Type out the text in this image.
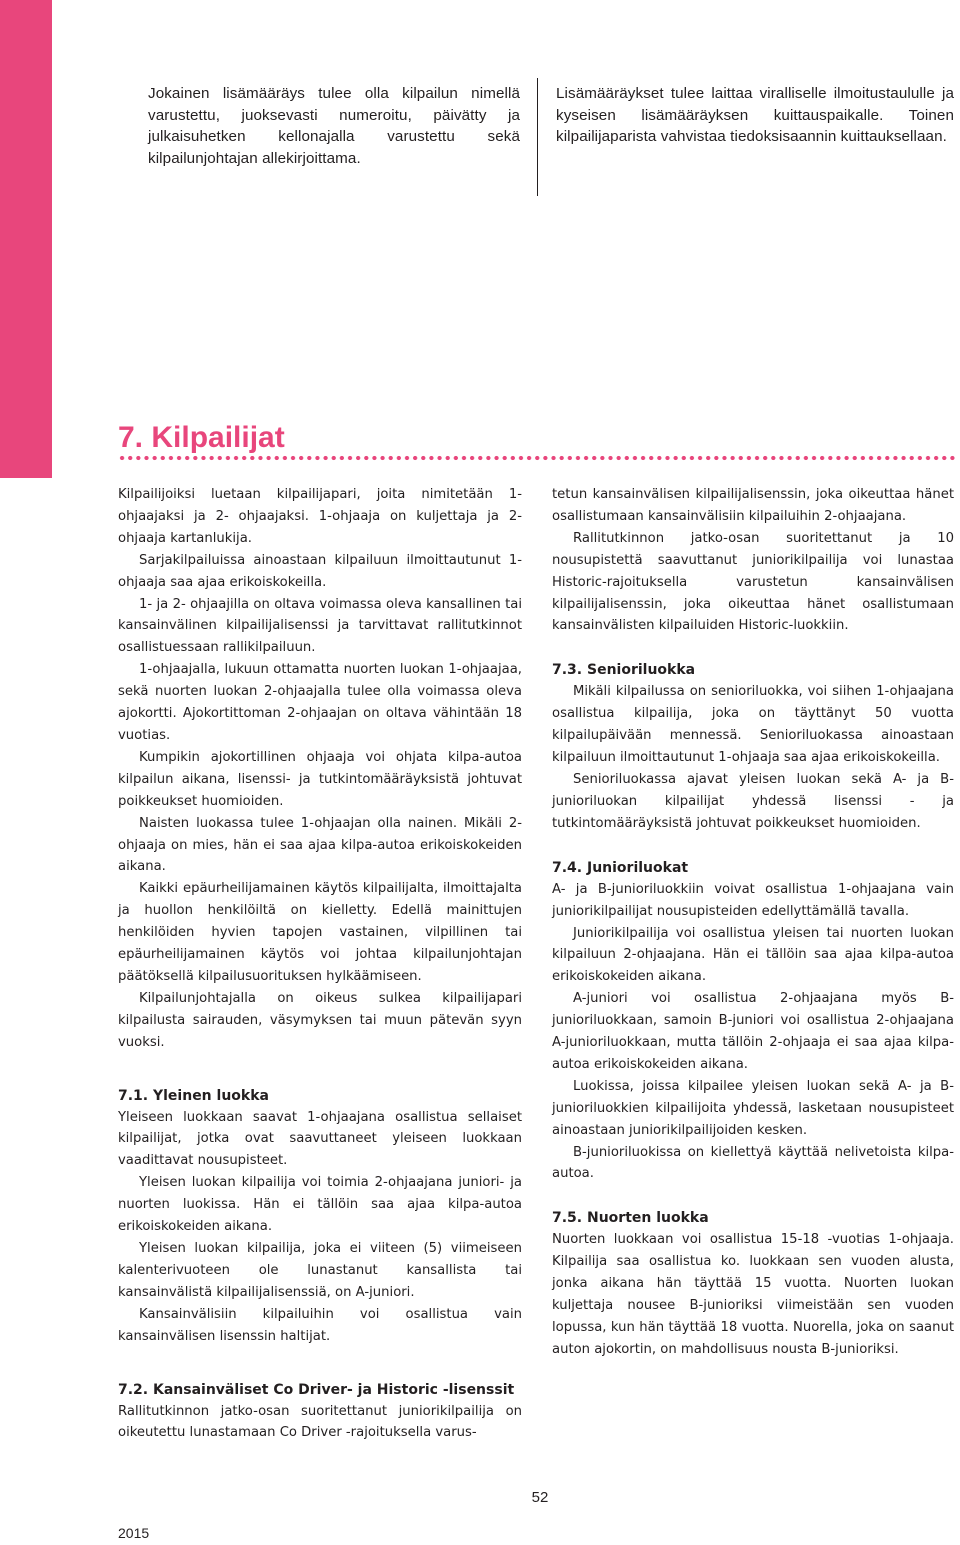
Jokainen lisämääräys tulee olla kilpailun nimellä varustettu, juoksevasti numeroitu, päivätty ja julkaisuhetken kellonajalla varustettu sekä kilpailunjohtajan allekirjoittama.
Lisämääräykset tulee laittaa viralliselle ilmoitustaululle ja kyseisen lisämääräyksen kuittauspaikalle. Toinen kilpailijaparista vahvistaa tiedoksisaannin kuittauksellaan.
7. Kilpailijat

Kilpailijoiksi luetaan kilpailijapari, joita nimitetään 1-ohjaajaksi ja 2- ohjaajaksi. 1-ohjaaja on kuljettaja ja 2-ohjaaja kartanlukija.

Sarjakilpailuissa ainoastaan kilpailuun ilmoittautunut 1-ohjaaja saa ajaa erikoiskokeilla.

1- ja 2- ohjaajilla on oltava voimassa oleva kansallinen tai kansainvälinen kilpailijalisenssi ja tarvittavat rallitutkinnot osallistuessaan rallikilpailuun.

1-ohjaajalla, lukuun ottamatta nuorten luokan 1-ohjaajaa, sekä nuorten luokan 2-ohjaajalla tulee olla voimassa oleva ajokortti. Ajokortittoman 2-ohjaajan on oltava vähintään 18 vuotias.

Kumpikin ajokortillinen ohjaaja voi ohjata kilpa-autoa kilpailun aikana, lisenssi- ja tutkintomääräyksistä johtuvat poikkeukset huomioiden.

Naisten luokassa tulee 1-ohjaajan olla nainen. Mikäli 2-ohjaaja on mies, hän ei saa ajaa kilpa-autoa erikoiskokeiden aikana.

Kaikki epäurheilijamainen käytös kilpailijalta, ilmoittajalta ja huollon henkilöiltä on kielletty. Edellä mainittujen henkilöiden hyvien tapojen vastainen, vilpillinen tai epäurheilijamainen käytös voi johtaa kilpailunjohtajan päätöksellä kilpailusuorituksen hylkäämiseen.

Kilpailunjohtajalla on oikeus sulkea kilpailijapari kilpailusta sairauden, väsymyksen tai muun pätevän syyn vuoksi.

7.1. Yleinen luokka

Yleiseen luokkaan saavat 1-ohjaajana osallistua sellaiset kilpailijat, jotka ovat saavuttaneet yleiseen luokkaan vaadittavat nousupisteet.

Yleisen luokan kilpailija voi toimia 2-ohjaajana juniori- ja nuorten luokissa. Hän ei tällöin saa ajaa kilpa-autoa erikoiskokeiden aikana.

Yleisen luokan kilpailija, joka ei viiteen (5) viimeiseen kalenterivuoteen ole lunastanut kansallista tai kansainvälistä kilpailijalisenssiä, on A-juniori.

Kansainvälisiin kilpailuihin voi osallistua vain kansainvälisen lisenssin haltijat.

7.2. Kansainväliset Co Driver- ja Historic -lisenssit

Rallitutkinnon jatko-osan suoritettanut juniorikilpailija on oikeutettu lunastamaan Co Driver -rajoituksella varus-

tetun kansainvälisen kilpailijalisenssin, joka oikeuttaa hänet osallistumaan kansainvälisiin kilpailuihin 2-ohjaajana.

Rallitutkinnon jatko-osan suoritettanut ja 10 nousupistettä saavuttanut juniorikilpailija voi lunastaa Historic-rajoituksella varustetun kansainvälisen kilpailijalisenssin, joka oikeuttaa hänet osallistumaan kansainvälisten kilpailuiden Historic-luokkiin.

7.3. Senioriluokka

Mikäli kilpailussa on senioriluokka, voi siihen 1-ohjaajana osallistua kilpailija, joka on täyttänyt 50 vuotta kilpailupäivään mennessä. Senioriluokassa ainoastaan kilpailuun ilmoittautunut 1-ohjaaja saa ajaa erikoiskokeilla.

Senioriluokassa ajavat yleisen luokan sekä A- ja B-junioriluokan kilpailijat yhdessä lisenssi - ja tutkintomääräyksistä johtuvat poikkeukset huomioiden.

7.4. Junioriluokat

A- ja B-junioriluokkiin voivat osallistua 1-ohjaajana vain juniorikilpailijat nousupisteiden edellyttämällä tavalla.

Juniorikilpailija voi osallistua yleisen tai nuorten luokan kilpailuun 2-ohjaajana. Hän ei tällöin saa ajaa kilpa-autoa erikoiskokeiden aikana.

A-juniori voi osallistua 2-ohjaajana myös B-junioriluokkaan, samoin B-juniori voi osallistua 2-ohjaajana A-junioriluokkaan, mutta tällöin 2-ohjaaja ei saa ajaa kilpa-autoa erikoiskokeiden aikana.

Luokissa, joissa kilpailee yleisen luokan sekä A- ja B-junioriluokkien kilpailijoita yhdessä, lasketaan nousupisteet ainoastaan juniorikilpailijoiden kesken.

B-junioriluokissa on kiellettyä käyttää nelivetoista kilpa-autoa.

7.5. Nuorten luokka

Nuorten luokkaan voi osallistua 15-18 -vuotias 1-ohjaaja. Kilpailija saa osallistua ko. luokkaan sen vuoden alusta, jonka aikana hän täyttää 15 vuotta. Nuorten luokan kuljettaja nousee B-junioriksi viimeistään sen vuoden lopussa, kun hän täyttää 18 vuotta. Nuorella, joka on saanut auton ajokortin, on mahdollisuus nousta B-junioriksi.

52
2015
